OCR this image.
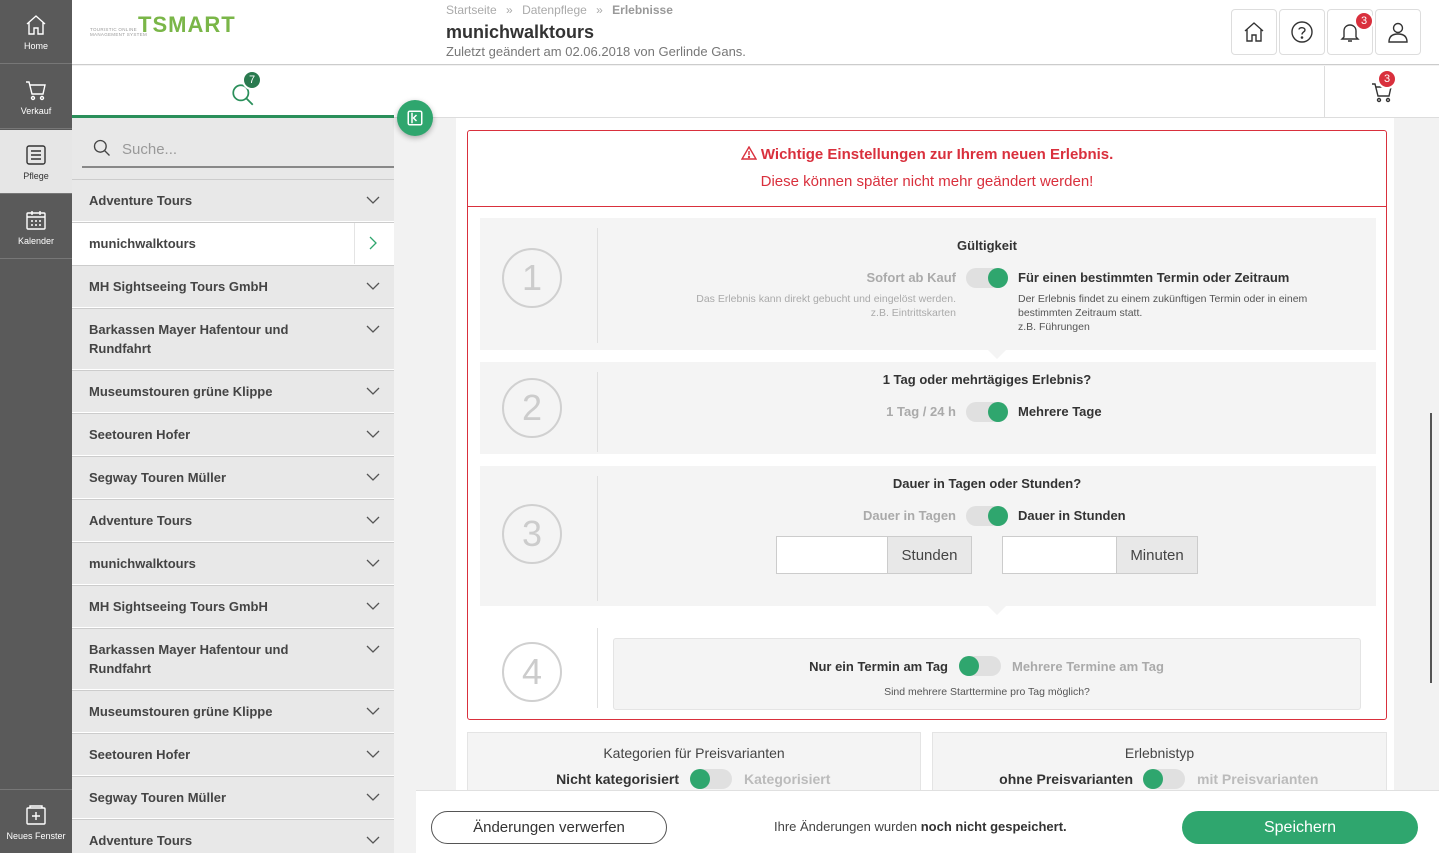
Home
Verkauf
Pflege
Kalender
Neues Fenster
TOURISTIC ONLINE MANAGEMENT SYSTEM
TSMART
Startseite » Datenpflege » Erlebnisse
munichwalktours
Zuletzt geändert am 02.06.2018 von Gerlinde Gans.
3
3
7
Suche...
Adventure Tours
munichwalktours
MH Sightseeing Tours GmbH
Barkassen Mayer Hafentour und Rundfahrt
Museumstouren grüne Klippe
Seetouren Hofer
Segway Touren Müller
Adventure Tours
munichwalktours
MH Sightseeing Tours GmbH
Barkassen Mayer Hafentour und Rundfahrt
Museumstouren grüne Klippe
Seetouren Hofer
Segway Touren Müller
Adventure Tours
Wichtige Einstellungen zur Ihrem neuen Erlebnis.
Diese können später nicht mehr geändert werden!
1
Gültigkeit
Sofort ab Kauf	Für einen bestimmten Termin oder Zeitraum
Das Erlebnis kann direkt gebucht und eingelöst werden.
z.B. Eintrittskarten
Der Erlebnis findet zu einem zukünftigen Termin oder in einem bestimmten Zeitraum statt.
z.B. Führungen
2
1 Tag oder mehrtägiges Erlebnis?
1 Tag / 24 h	Mehrere Tage
3
Dauer in Tagen oder Stunden?
Dauer in Tagen	Dauer in Stunden
Stunden	Minuten
4	Nur ein Termin am Tag	Mehrere Termine am Tag
Sind mehrere Starttermine pro Tag möglich?
Kategorien für Preisvarianten
Nicht kategorisiert	Kategorisiert
Erlebnistyp
ohne Preisvarianten	mit Preisvarianten
Änderungen verwerfen	Ihre Änderungen wurden noch nicht gespeichert.	Speichern
